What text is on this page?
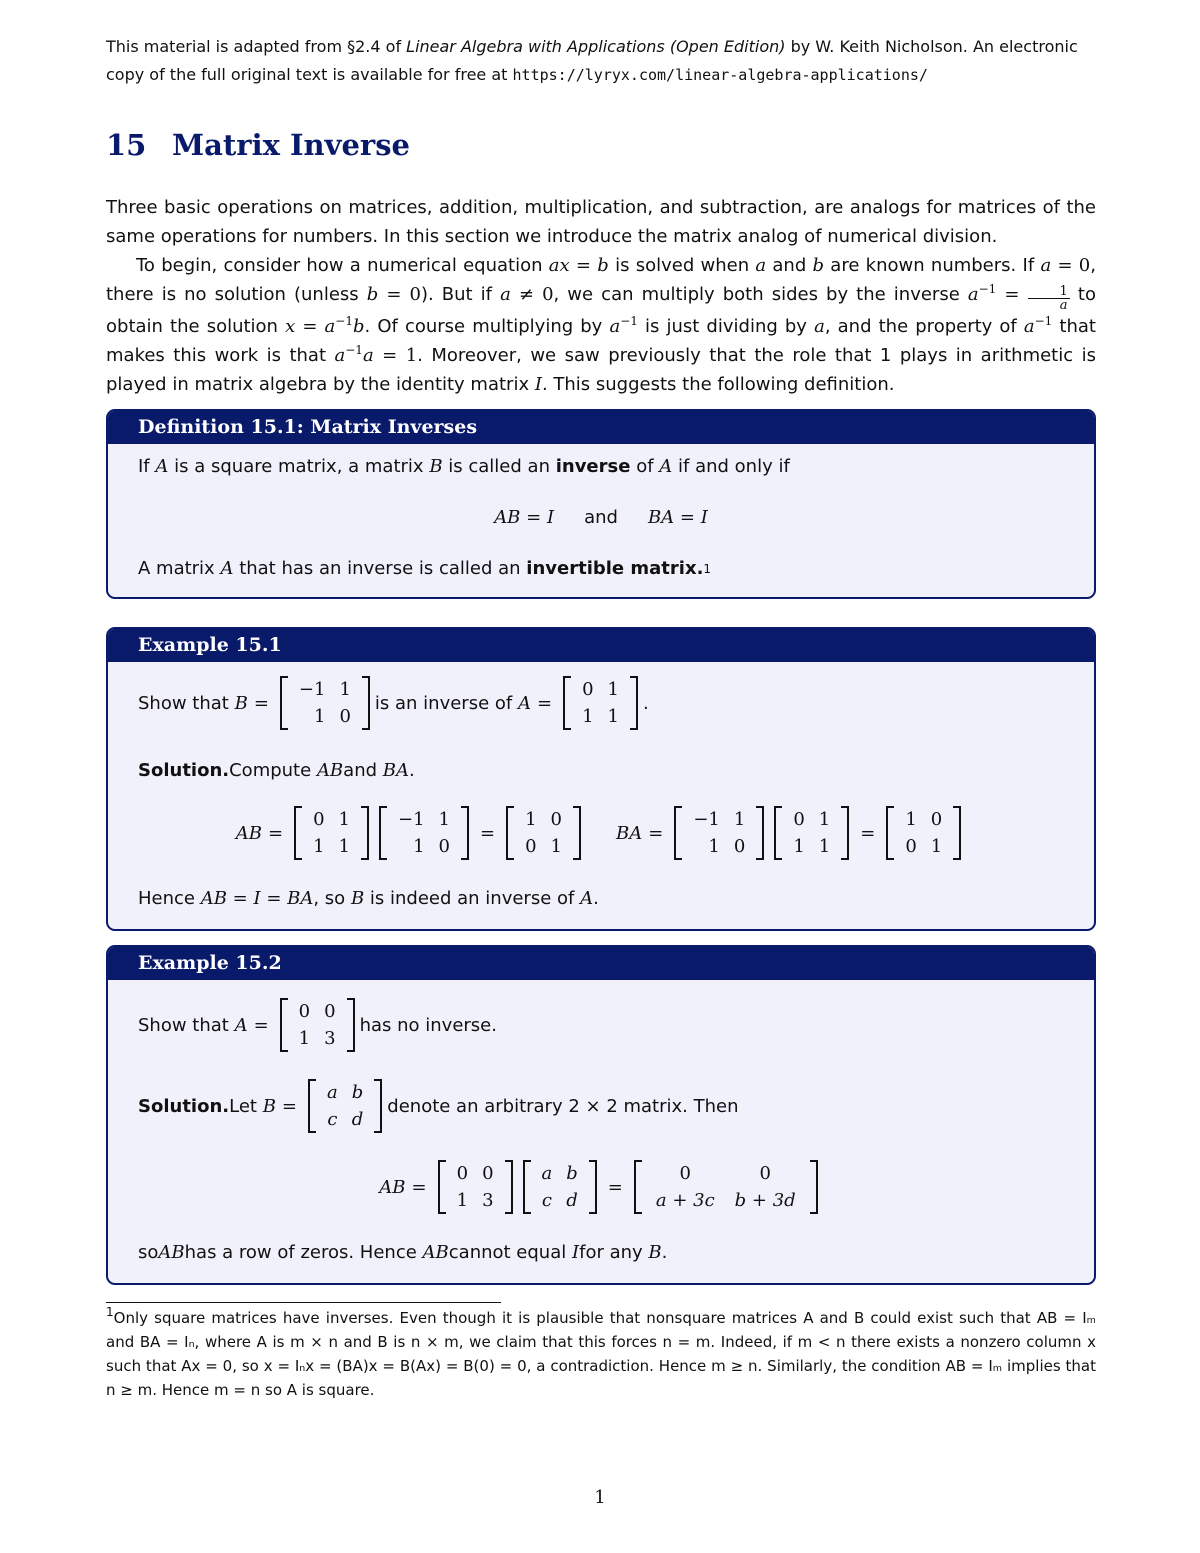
This material is adapted from §2.4 of Linear Algebra with Applications (Open Edition) by W. Keith Nicholson. An electronic copy of the full original text is available for free at https://lyryx.com/linear-algebra-applications/
15 Matrix Inverse

Three basic operations on matrices, addition, multiplication, and subtraction, are analogs for matrices of the same operations for numbers. In this section we introduce the matrix analog of numerical division.

To begin, consider how a numerical equation ax = b is solved when a and b are known numbers. If a = 0, there is no solution (unless b = 0). But if a ≠ 0, we can multiply both sides by the inverse $a^{-1} = \frac{1}{a}$ to obtain the solution $x = a^{-1}b$. Of course multiplying by $a^{-1}$ is just dividing by a, and the property of $a^{-1}$ that makes this work is that $a^{-1}a = 1$. Moreover, we saw previously that the role that 1 plays in arithmetic is played in matrix algebra by the identity matrix I. This suggests the following definition.

Definition 15.1: Matrix Inverses
If
A
is a square matrix, a matrix
B
is called an
inverse
of
A
if and only if
AB = I and BA = I
A matrix
A
that has an inverse is called an
invertible matrix. 1
Example 15.1
Show that
B =
−1	1
1	0
is an inverse of
A =
0	1
1	1
.
Solution. Compute
AB and
BA .
AB =
0	1
1	1
−1	1
1	0
=
1	0
0	1
BA =
−1	1
1	0
0	1
1	1
=
1	0
0	1
Hence
AB = I = BA , so
B
is indeed an inverse of
A .
Example 15.2
Show that
A =
0	0
1	3
has no inverse.
Solution. Let
B =
a	b
c	d
denote an arbitrary 2 × 2 matrix. Then
AB =
0	0
1	3
a	b
c	d
=
0	0
a + 3c	b + 3d
so AB has a row of zeros. Hence
AB cannot equal
I for any
B .
$^1$Only square matrices have inverses. Even though it is plausible that nonsquare matrices A and B could exist such that AB = Iₘ and BA = Iₙ, where A is m × n and B is n × m, we claim that this forces n = m. Indeed, if m < n there exists a nonzero column x such that Ax = 0, so x = Iₙx = (BA)x = B(Ax) = B(0) = 0, a contradiction. Hence m ≥ n. Similarly, the condition AB = Iₘ implies that n ≥ m. Hence m = n so A is square.
1
